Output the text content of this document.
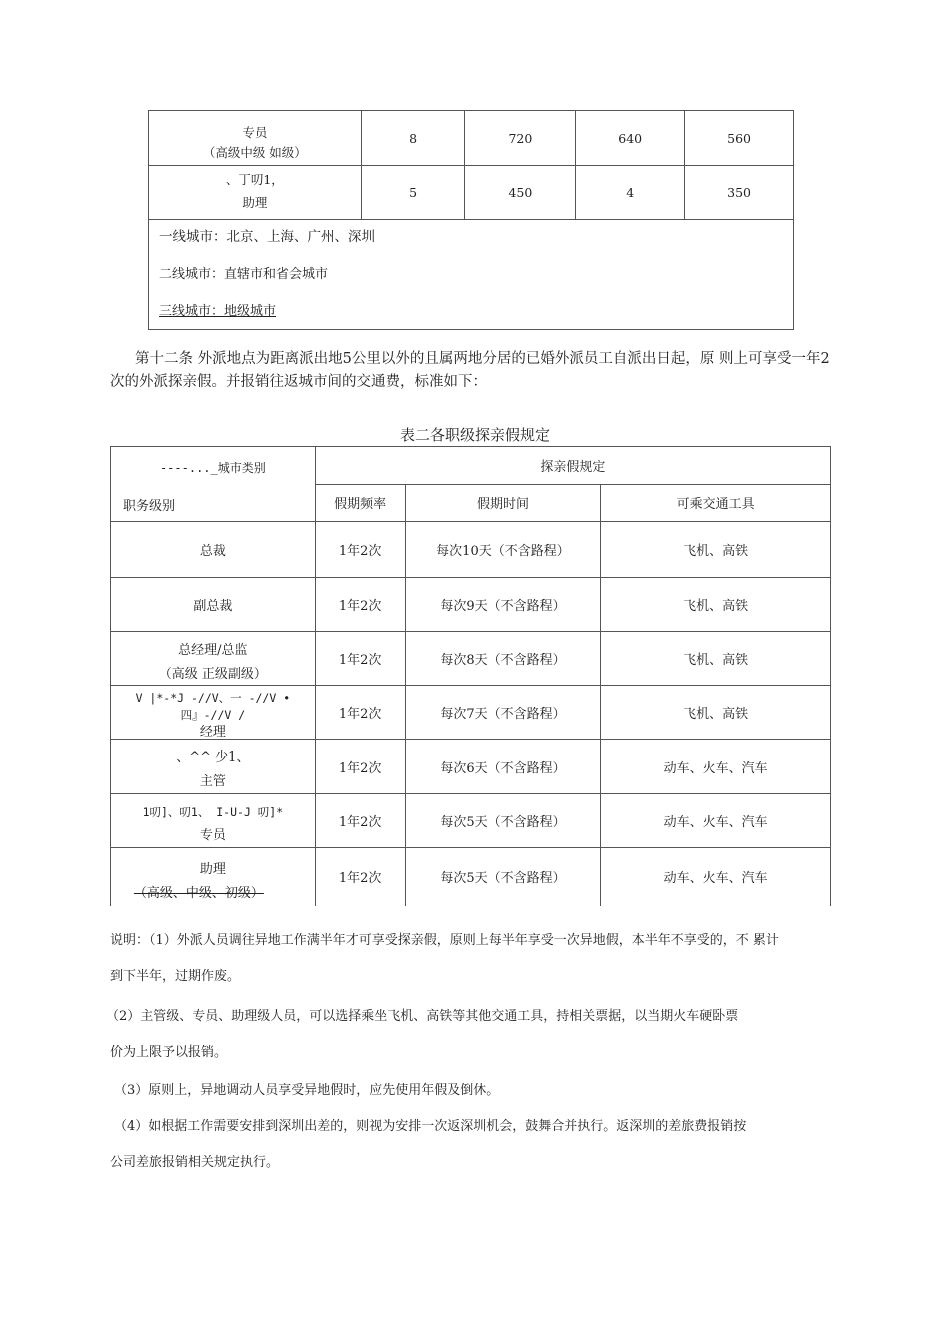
专员
（高级中级 如级）	8	720	640	560

、丁叨1，
助理	5	450	4	350

一线城市：北京、上海、广州、深圳
二线城市：直辖市和省会城市
三线城市：地级城市				
第十二条 外派地点为距离派出地5公里以外的且属两地分居的已婚外派员工自派出日起，原 则上可享受一年2次的外派探亲假。并报销往返城市间的交通费，标准如下：
表二各职级探亲假规定
----..._城市类别
职务级别	探亲假规定		
	假期频率	假期时间	可乘交通工具
总裁	1年2次	每次10天（不含路程）	飞机、高铁
副总裁	1年2次	每次9天（不含路程）	飞机、高铁

总经理/总监
（高级 正级副级）	1年2次	每次8天（不含路程）	飞机、高铁

V |*-*J -//V、一 -//V •
四』-//V /
经理	1年2次	每次7天（不含路程）	飞机、高铁

、^^ 少1、
主管	1年2次	每次6天（不含路程）	动车、火车、汽车

1叨]、叨1、 I-U-J 叨]*
专员	1年2次	每次5天（不含路程）	动车、火车、汽车

助理
（高级、中级、初级）	1年2次	每次5天（不含路程）	动车、火车、汽车

说明：（1）外派人员调往异地工作满半年才可享受探亲假，原则上每半年享受一次异地假，本半年不享受的，不 累计

到下半年，过期作废。

（2）主管级、专员、助理级人员，可以选择乘坐飞机、高铁等其他交通工具，持相关票据，以当期火车硬卧票

价为上限予以报销。

（3）原则上，异地调动人员享受异地假时，应先使用年假及倒休。

（4）如根据工作需要安排到深圳出差的，则视为安排一次返深圳机会，鼓舞合并执行。返深圳的差旅费报销按

公司差旅报销相关规定执行。
